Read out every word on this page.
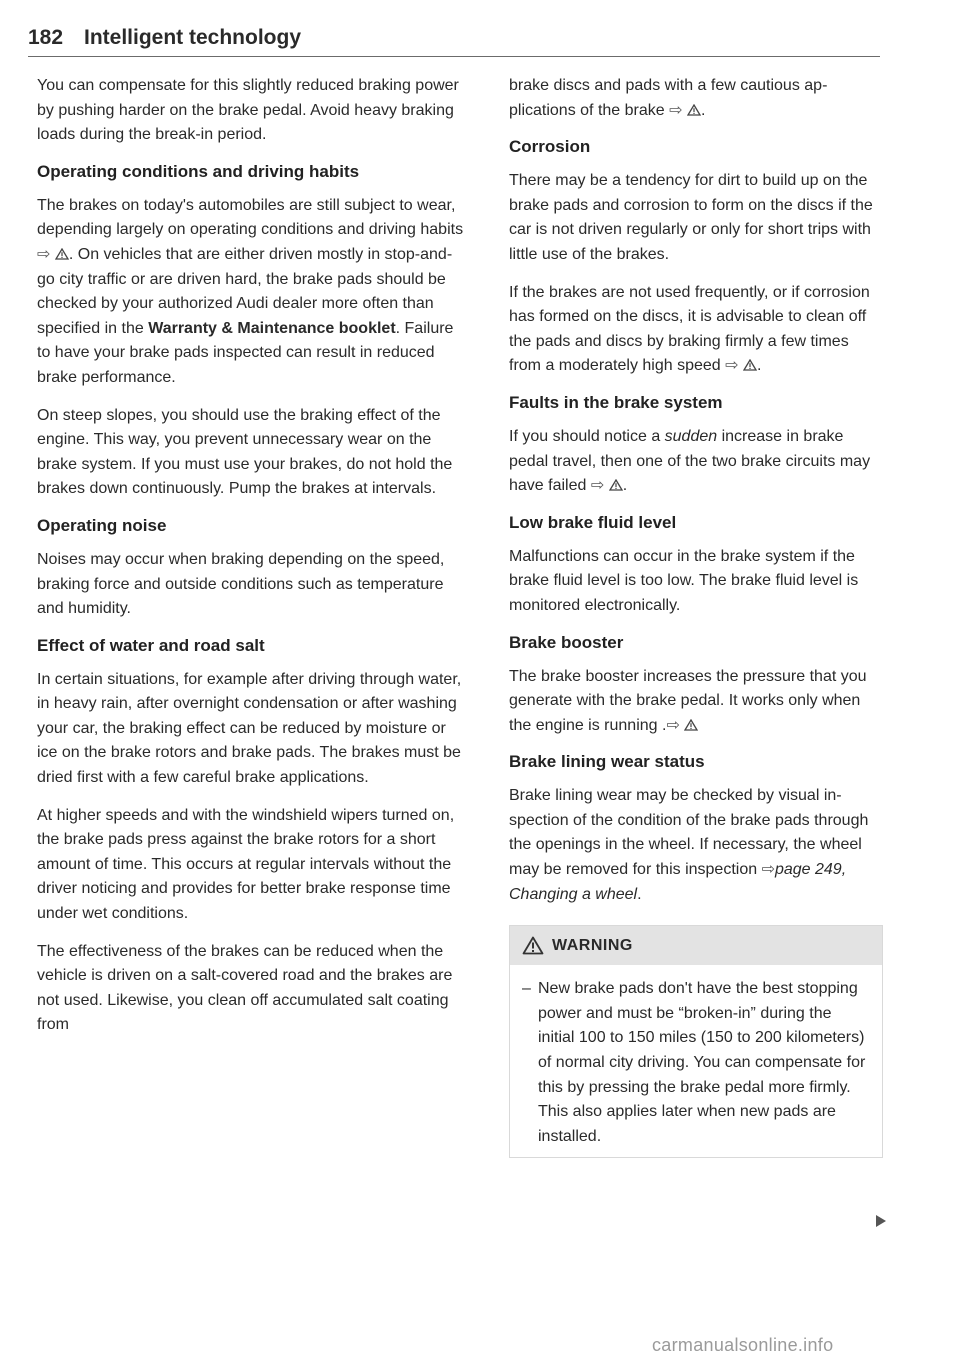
182 Intelligent technology

You can compensate for this slightly reduced braking power by pushing harder on the brake pedal. Avoid heavy braking loads during the break-in period.

Operating conditions and driving habits

The brakes on today's automobiles are still subject to wear, depending largely on operating conditions and driving habits ⇨ . On vehicles that are either driven mostly in stop-and-go city traffic or are driven hard, the brake pads should be checked by your authorized Audi dealer more often than specified in the Warranty & Maintenance booklet. Failure to have your brake pads inspected can result in reduced brake performance.

On steep slopes, you should use the braking effect of the engine. This way, you prevent unnecessary wear on the brake system. If you must use your brakes, do not hold the brakes down continuously. Pump the brakes at intervals.

Operating noise

Noises may occur when braking depending on the speed, braking force and outside conditions such as temperature and humidity.

Effect of water and road salt

In certain situations, for example after driving through water, in heavy rain, after overnight condensation or after washing your car, the braking effect can be reduced by moisture or ice on the brake rotors and brake pads. The brakes must be dried first with a few careful brake applications.

At higher speeds and with the windshield wipers turned on, the brake pads press against the brake rotors for a short amount of time. This occurs at regular intervals without the driver noticing and provides for better brake response time under wet conditions.

The effectiveness of the brakes can be reduced when the vehicle is driven on a salt-covered road and the brakes are not used. Likewise, you clean off accumulated salt coating from

brake discs and pads with a few cautious applications of the brake ⇨ .

Corrosion

There may be a tendency for dirt to build up on the brake pads and corrosion to form on the discs if the car is not driven regularly or only for short trips with little use of the brakes.

If the brakes are not used frequently, or if corrosion has formed on the discs, it is advisable to clean off the pads and discs by braking firmly a few times from a moderately high speed ⇨ .

Faults in the brake system

If you should notice a sudden increase in brake pedal travel, then one of the two brake circuits may have failed ⇨ .

Low brake fluid level

Malfunctions can occur in the brake system if the brake fluid level is too low. The brake fluid level is monitored electronically.

Brake booster

The brake booster increases the pressure that you generate with the brake pedal. It works only when the engine is running .⇨

Brake lining wear status

Brake lining wear may be checked by visual inspection of the condition of the brake pads through the openings in the wheel. If necessary, the wheel may be removed for this inspection ⇨page 249, Changing a wheel.

WARNING
– New brake pads don't have the best stopping power and must be “broken-in” during the initial 100 to 150 miles (150 to 200 kilometers) of normal city driving. You can compensate for this by pressing the brake pedal more firmly. This also applies later when new pads are installed.
carmanualsonline.info
